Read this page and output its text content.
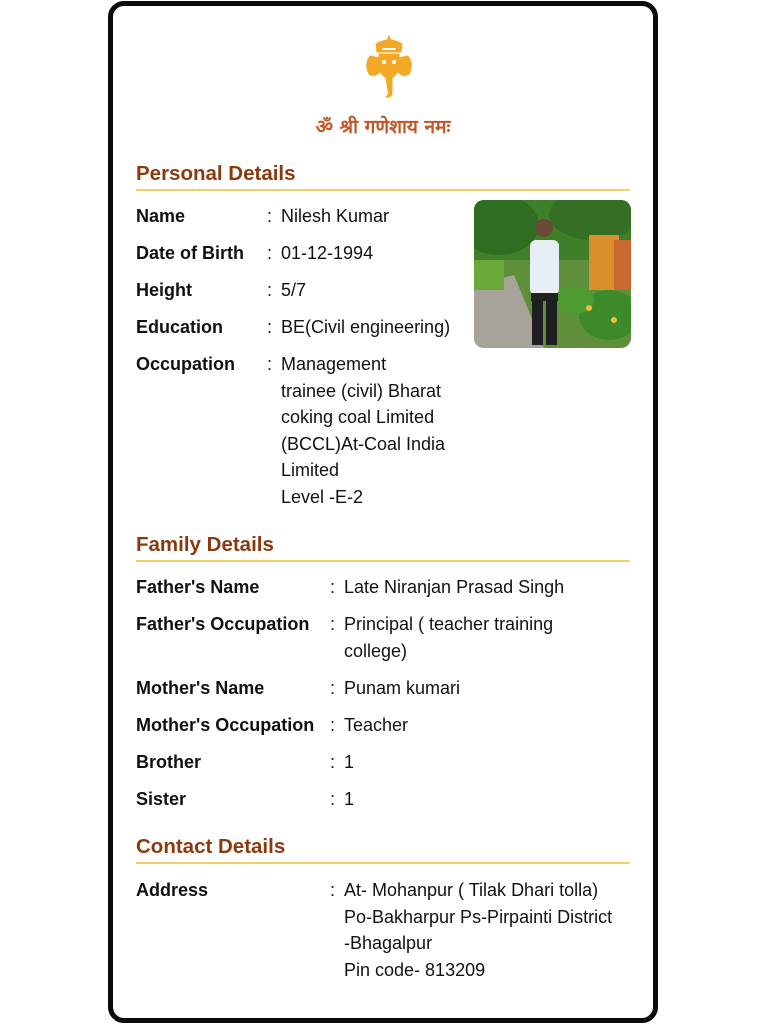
ॐ श्री गणेशाय नमः
Personal Details
Name	: Nilesh Kumar
Date of Birth : 01-12-1994
Height	: 5/7
Education : BE(Civil engineering)
Occupation : Management
trainee (civil) Bharat
coking coal Limited
(BCCL)At-Coal India
Limited
Level -E-2
Family Details
Father's Name	: Late Niranjan Prasad Singh
Father's Occupation : Principal ( teacher training
college)
Mother's Name	: Punam kumari
Mother's Occupation : Teacher
Brother	: 1
Sister	: 1
Contact Details
Address	: At- Mohanpur ( Tilak Dhari tolla)
Po-Bakharpur Ps-Pirpainti District
-Bhagalpur
Pin code- 813209
